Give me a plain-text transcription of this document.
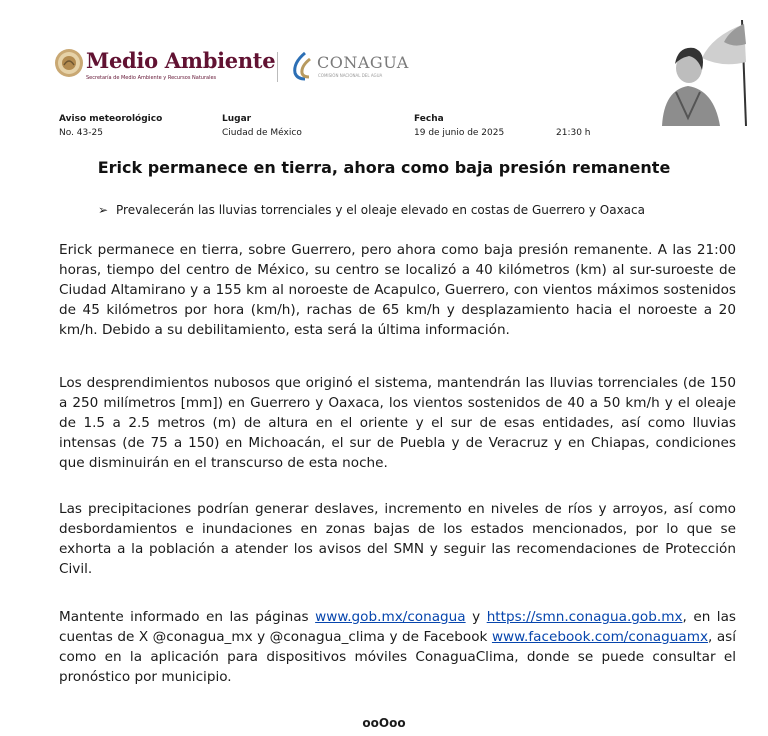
Medio Ambiente
Secretaría de Medio Ambiente y Recursos Naturales
CONAGUA
COMISIÓN NACIONAL DEL AGUA
Aviso meteorológico
No. 43-25
Lugar
Ciudad de México
Fecha
19 de junio de 2025	21:30 h
Erick permanece en tierra, ahora como baja presión remanente
➢ Prevalecerán las lluvias torrenciales y el oleaje elevado en costas de Guerrero y Oaxaca

Erick permanece en tierra, sobre Guerrero, pero ahora como baja presión remanente. A las 21:00 horas, tiempo del centro de México, su centro se localizó a 40 kilómetros (km) al sur-suroeste de Ciudad Altamirano y a 155 km al noroeste de Acapulco, Guerrero, con vientos máximos sostenidos de 45 kilómetros por hora (km/h), rachas de 65 km/h y desplazamiento hacia el noroeste a 20 km/h. Debido a su debilitamiento, esta será la última información.

Los desprendimientos nubosos que originó el sistema, mantendrán las lluvias torrenciales (de 150 a 250 milímetros [mm]) en Guerrero y Oaxaca, los vientos sostenidos de 40 a 50 km/h y el oleaje de 1.5 a 2.5 metros (m) de altura en el oriente y el sur de esas entidades, así como lluvias intensas (de 75 a 150) en Michoacán, el sur de Puebla y de Veracruz y en Chiapas, condiciones que disminuirán en el transcurso de esta noche.

Las precipitaciones podrían generar deslaves, incremento en niveles de ríos y arroyos, así como desbordamientos e inundaciones en zonas bajas de los estados mencionados, por lo que se exhorta a la población a atender los avisos del SMN y seguir las recomendaciones de Protección Civil.

Mantente informado en las páginas www.gob.mx/conagua y https://smn.conagua.gob.mx, en las cuentas de X @conagua_mx y @conagua_clima y de Facebook www.facebook.com/conaguamx, así como en la aplicación para dispositivos móviles ConaguaClima, donde se puede consultar el pronóstico por municipio.

ooOoo
